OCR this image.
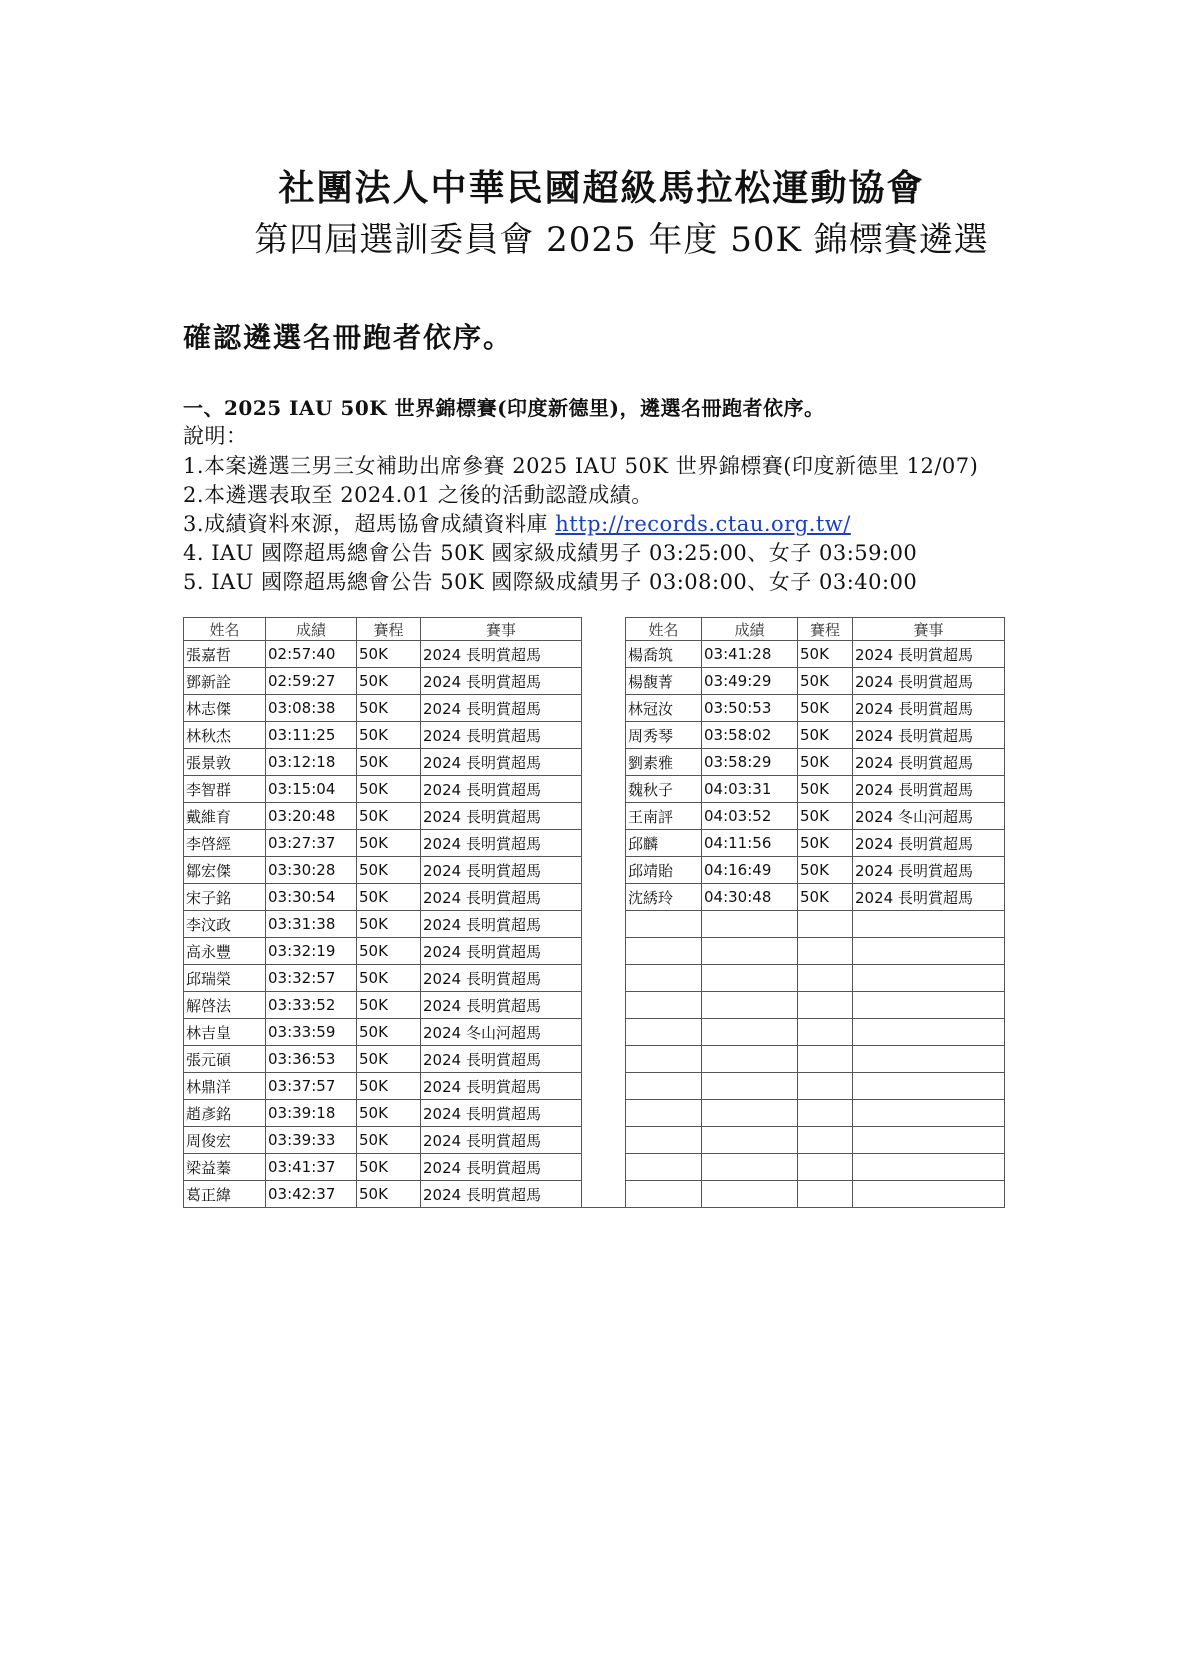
社團法人中華民國超級馬拉松運動協會
第四屆選訓委員會 2025 年度 50K 錦標賽遴選
確認遴選名冊跑者依序。
一、2025 IAU 50K 世界錦標賽(印度新德里)，遴選名冊跑者依序。
說明：
1.本案遴選三男三女補助出席參賽 2025 IAU 50K 世界錦標賽(印度新德里 12/07)
2.本遴選表取至 2024.01 之後的活動認證成績。
3.成績資料來源，超馬協會成績資料庫 http://records.ctau.org.tw/
4. IAU 國際超馬總會公告 50K 國家級成績男子 03:25:00、女子 03:59:00
5. IAU 國際超馬總會公告 50K 國際級成績男子 03:08:00、女子 03:40:00
姓名	成績	賽程	賽事		姓名	成績	賽程	賽事
張嘉哲	02:57:40	50K	2024 長明賞超馬		楊喬筑	03:41:28	50K	2024 長明賞超馬
鄧新詮	02:59:27	50K	2024 長明賞超馬		楊馥菁	03:49:29	50K	2024 長明賞超馬
林志傑	03:08:38	50K	2024 長明賞超馬		林冠汝	03:50:53	50K	2024 長明賞超馬
林秋杰	03:11:25	50K	2024 長明賞超馬		周秀琴	03:58:02	50K	2024 長明賞超馬
張景敦	03:12:18	50K	2024 長明賞超馬		劉素雅	03:58:29	50K	2024 長明賞超馬
李智群	03:15:04	50K	2024 長明賞超馬		魏秋子	04:03:31	50K	2024 長明賞超馬
戴維育	03:20:48	50K	2024 長明賞超馬		王南評	04:03:52	50K	2024 冬山河超馬
李啓經	03:27:37	50K	2024 長明賞超馬		邱麟	04:11:56	50K	2024 長明賞超馬
鄒宏傑	03:30:28	50K	2024 長明賞超馬		邱靖貽	04:16:49	50K	2024 長明賞超馬
宋子銘	03:30:54	50K	2024 長明賞超馬		沈綉玲	04:30:48	50K	2024 長明賞超馬
李汶政	03:31:38	50K	2024 長明賞超馬					
高永豐	03:32:19	50K	2024 長明賞超馬					
邱瑞榮	03:32:57	50K	2024 長明賞超馬					
解啓法	03:33:52	50K	2024 長明賞超馬					
林吉皇	03:33:59	50K	2024 冬山河超馬					
張元碩	03:36:53	50K	2024 長明賞超馬					
林鼎洋	03:37:57	50K	2024 長明賞超馬					
趙彥銘	03:39:18	50K	2024 長明賞超馬					
周俊宏	03:39:33	50K	2024 長明賞超馬					
梁益蓁	03:41:37	50K	2024 長明賞超馬					
葛正緯	03:42:37	50K	2024 長明賞超馬					
